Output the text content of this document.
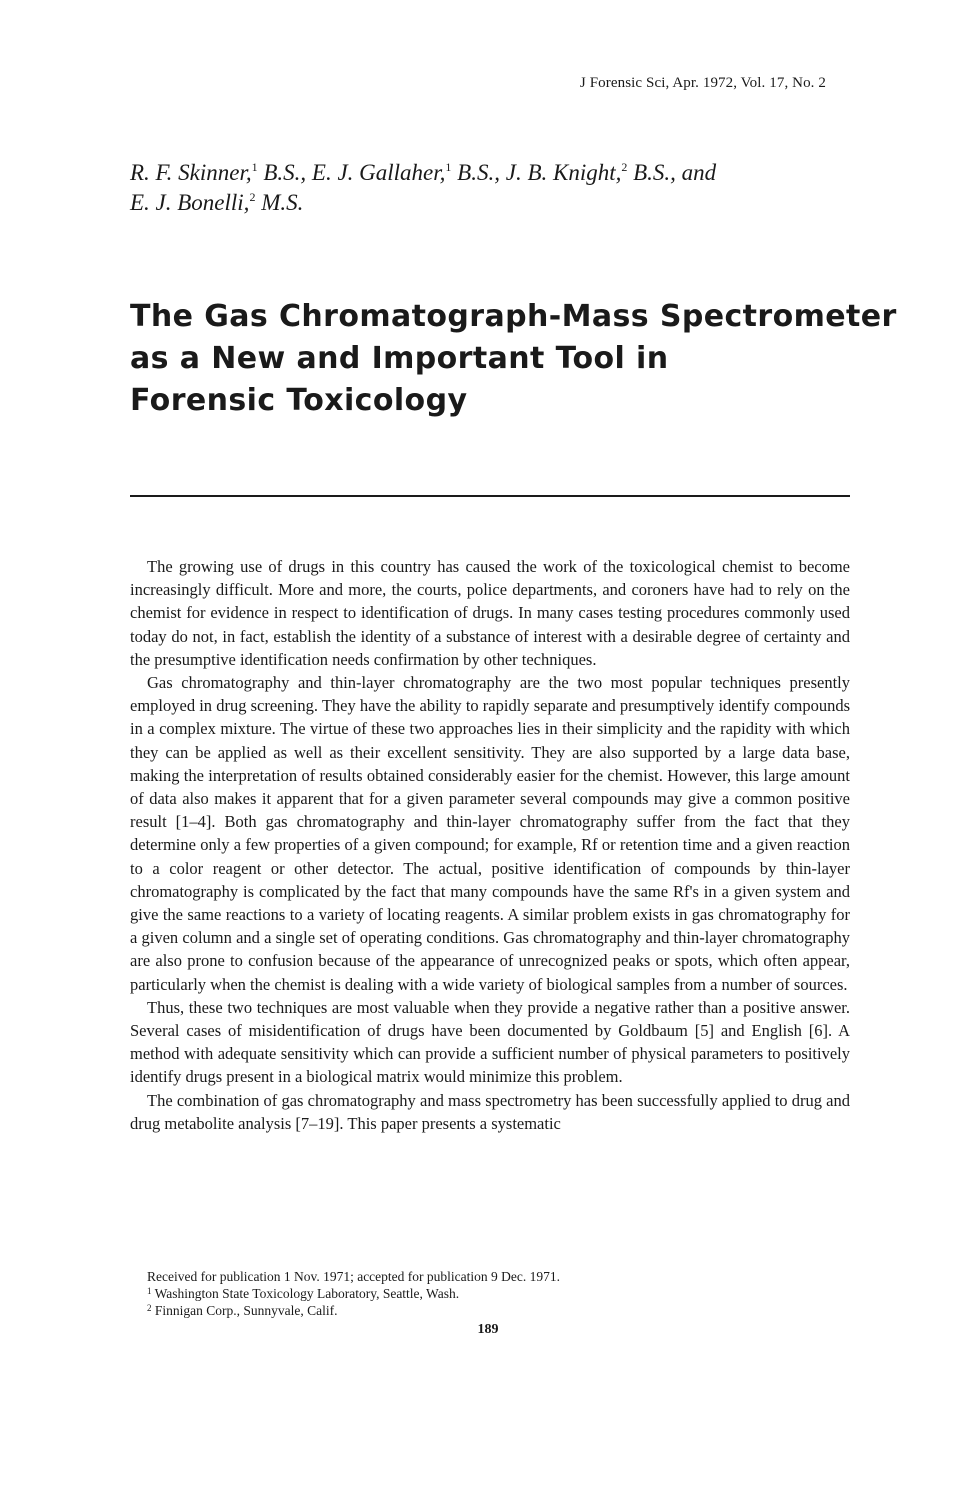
J Forensic Sci, Apr. 1972, Vol. 17, No. 2
R. F. Skinner,$^1$ B.S., E. J. Gallaher,$^1$ B.S., J. B. Knight,$^2$ B.S., and
E. J. Bonelli,$^2$ M.S.
The Gas Chromatograph-Mass Spectrometer
as a New and Important Tool in
Forensic Toxicology

The growing use of drugs in this country has caused the work of the toxicological chemist to become increasingly difficult. More and more, the courts, police departments, and coroners have had to rely on the chemist for evidence in respect to identification of drugs. In many cases testing procedures commonly used today do not, in fact, establish the identity of a substance of interest with a desirable degree of certainty and the presumptive identification needs confirmation by other techniques.

Gas chromatography and thin-layer chromatography are the two most popular techniques presently employed in drug screening. They have the ability to rapidly separate and presumptively identify compounds in a complex mixture. The virtue of these two approaches lies in their simplicity and the rapidity with which they can be applied as well as their excellent sensitivity. They are also supported by a large data base, making the interpretation of results obtained considerably easier for the chemist. However, this large amount of data also makes it apparent that for a given parameter several compounds may give a common positive result [1–4]. Both gas chromatography and thin-layer chromatography suffer from the fact that they determine only a few properties of a given compound; for example, Rf or retention time and a given reaction to a color reagent or other detector. The actual, positive identification of compounds by thin-layer chromatography is complicated by the fact that many compounds have the same Rf's in a given system and give the same reactions to a variety of locating reagents. A similar problem exists in gas chromatography for a given column and a single set of operating conditions. Gas chromatography and thin-layer chromatography are also prone to confusion because of the appearance of unrecognized peaks or spots, which often appear, particularly when the chemist is dealing with a wide variety of biological samples from a number of sources.

Thus, these two techniques are most valuable when they provide a negative rather than a positive answer. Several cases of misidentification of drugs have been documented by Goldbaum [5] and English [6]. A method with adequate sensitivity which can provide a sufficient number of physical parameters to positively identify drugs present in a biological matrix would minimize this problem.

The combination of gas chromatography and mass spectrometry has been successfully applied to drug and drug metabolite analysis [7–19]. This paper presents a systematic

Received for publication 1 Nov. 1971; accepted for publication 9 Dec. 1971.
$^1$ Washington State Toxicology Laboratory, Seattle, Wash.
$^2$ Finnigan Corp., Sunnyvale, Calif.
189
